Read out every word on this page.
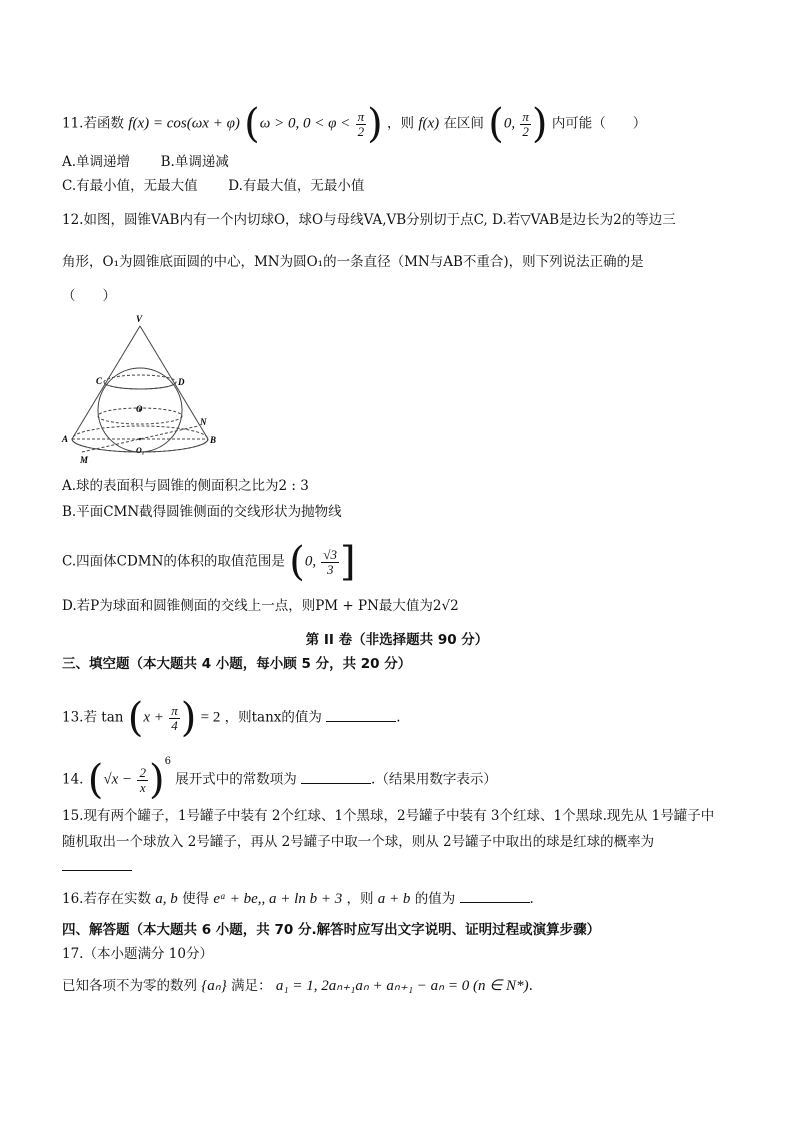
11.若函数 f(x) = cos(ωx + φ) (ω > 0, $0 < \varphi < \frac{\pi}{2}$ ) ，则 f(x) 在区间 (0, $\frac{\pi}{2}$ ) 内可能（　　）
A.单调递增 B.单调递减
C.有最小值，无最大值 D.有最大值，无最小值
12.如图，圆锥VAB内有一个内切球O，球O与母线VA,VB分别切于点C, D.若▽VAB是边长为2的等边三
角形，O₁为圆锥底面圆的中心，MN为圆O₁的一条直径（MN与AB不重合)，则下列说法正确的是
（　　）
V
C	D
O
A	B
N
M
O₁
A.球的表面积与圆锥的侧面积之比为2 : 3
B.平面CMN截得圆锥侧面的交线形状为抛物线
C.四面体CDMN的体积的取值范围是 (0, $\frac{√3}{3}$ ]
D.若P为球面和圆锥侧面的交线上一点，则PM + PN最大值为2√2
第 II 卷（非选择题共 90 分）
三、填空题（本大题共 4 小题，每小顾 5 分，共 20 分）
13.若 $\tan (x + \frac{\pi}{4}$ ) = 2 ，则tanx的值为	.
14. $(√x - \frac{2}{x} )^6$ 展开式中的常数项为	.（结果用数字表示）
15.现有两个罐子，1号罐子中装有 2个红球、1个黑球，2号罐子中装有 3个红球、1个黑球.现先从 1号罐子中
随机取出一个球放入 2号罐子，再从 2号罐子中取一个球，则从 2号罐子中取出的球是红球的概率为
16.若存在实数 a, b 使得 eᵃ + be,, a + ln b + 3 ，则 a + b 的值为	.
四、解答题（本大题共 6 小题，共 70 分.解答时应写出文字说明、证明过程或演算步骤）
17.（本小题满分 10分）
已知各项不为零的数列 {aₙ} 满足： a₁ = 1, 2aₙ₊₁aₙ + aₙ₊₁ − aₙ = 0 (n ∈ N*).
